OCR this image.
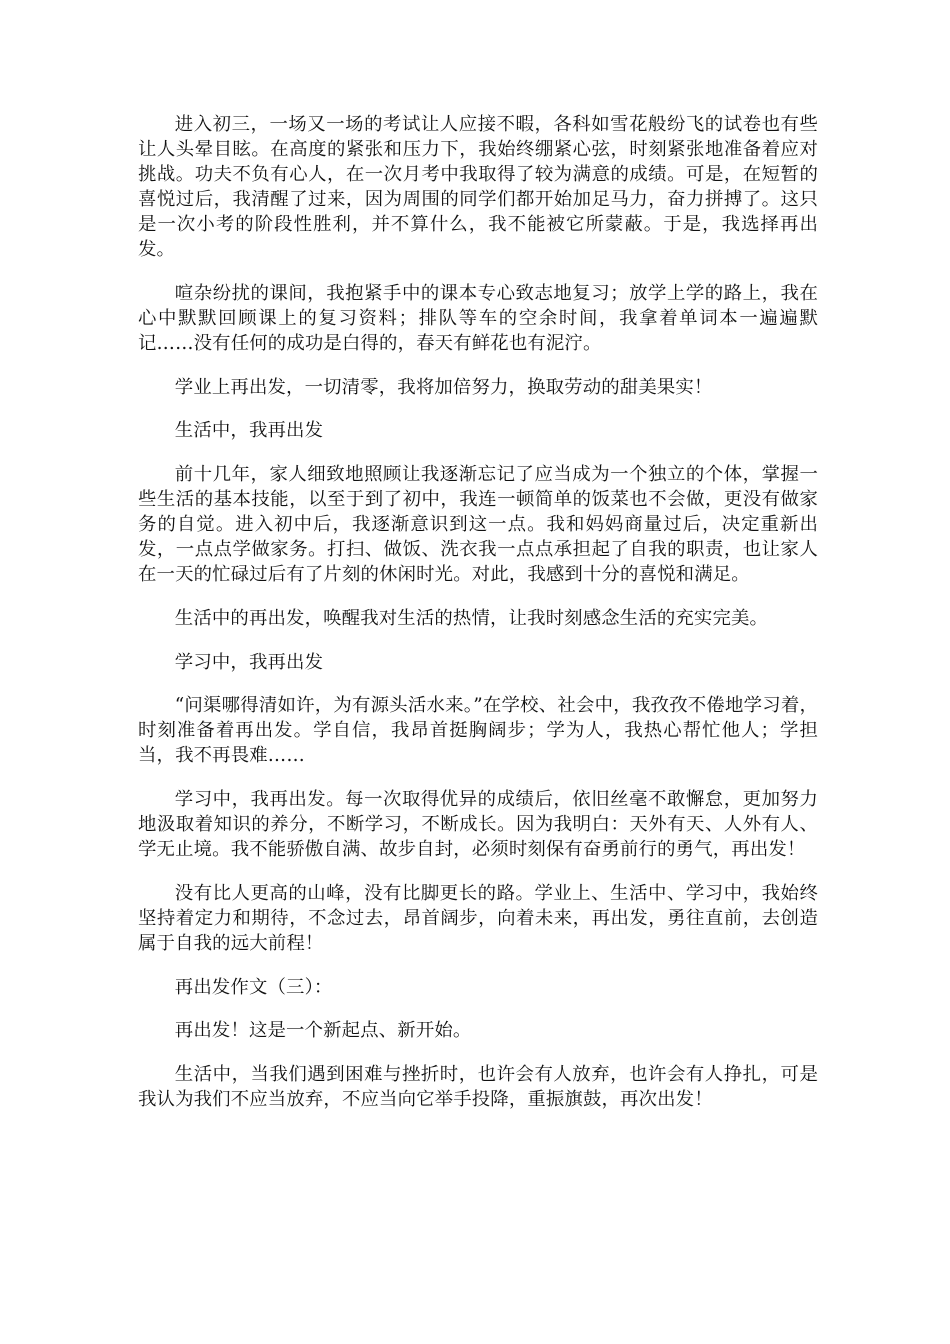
进入初三，一场又一场的考试让人应接不暇，各科如雪花般纷飞的试卷也有些让人头晕目眩。在高度的紧张和压力下，我始终绷紧心弦，时刻紧张地准备着应对挑战。功夫不负有心人，在一次月考中我取得了较为满意的成绩。可是，在短暂的喜悦过后，我清醒了过来，因为周围的同学们都开始加足马力，奋力拼搏了。这只是一次小考的阶段性胜利，并不算什么，我不能被它所蒙蔽。于是，我选择再出发。

喧杂纷扰的课间，我抱紧手中的课本专心致志地复习；放学上学的路上，我在心中默默回顾课上的复习资料；排队等车的空余时间，我拿着单词本一遍遍默记……没有任何的成功是白得的，春天有鲜花也有泥泞。

学业上再出发，一切清零，我将加倍努力，换取劳动的甜美果实！

生活中，我再出发

前十几年，家人细致地照顾让我逐渐忘记了应当成为一个独立的个体，掌握一些生活的基本技能，以至于到了初中，我连一顿简单的饭菜也不会做，更没有做家务的自觉。进入初中后，我逐渐意识到这一点。我和妈妈商量过后，决定重新出发，一点点学做家务。打扫、做饭、洗衣我一点点承担起了自我的职责，也让家人在一天的忙碌过后有了片刻的休闲时光。对此，我感到十分的喜悦和满足。

生活中的再出发，唤醒我对生活的热情，让我时刻感念生活的充实完美。

学习中，我再出发

“问渠哪得清如许，为有源头活水来。”在学校、社会中，我孜孜不倦地学习着，时刻准备着再出发。学自信，我昂首挺胸阔步；学为人，我热心帮忙他人；学担当，我不再畏难……

学习中，我再出发。每一次取得优异的成绩后，依旧丝毫不敢懈怠，更加努力地汲取着知识的养分，不断学习，不断成长。因为我明白：天外有天、人外有人、学无止境。我不能骄傲自满、故步自封，必须时刻保有奋勇前行的勇气，再出发！

没有比人更高的山峰，没有比脚更长的路。学业上、生活中、学习中，我始终坚持着定力和期待，不念过去，昂首阔步，向着未来，再出发，勇往直前，去创造属于自我的远大前程！

再出发作文（三）：

再出发！这是一个新起点、新开始。

生活中，当我们遇到困难与挫折时，也许会有人放弃，也许会有人挣扎，可是我认为我们不应当放弃，不应当向它举手投降，重振旗鼓，再次出发！
